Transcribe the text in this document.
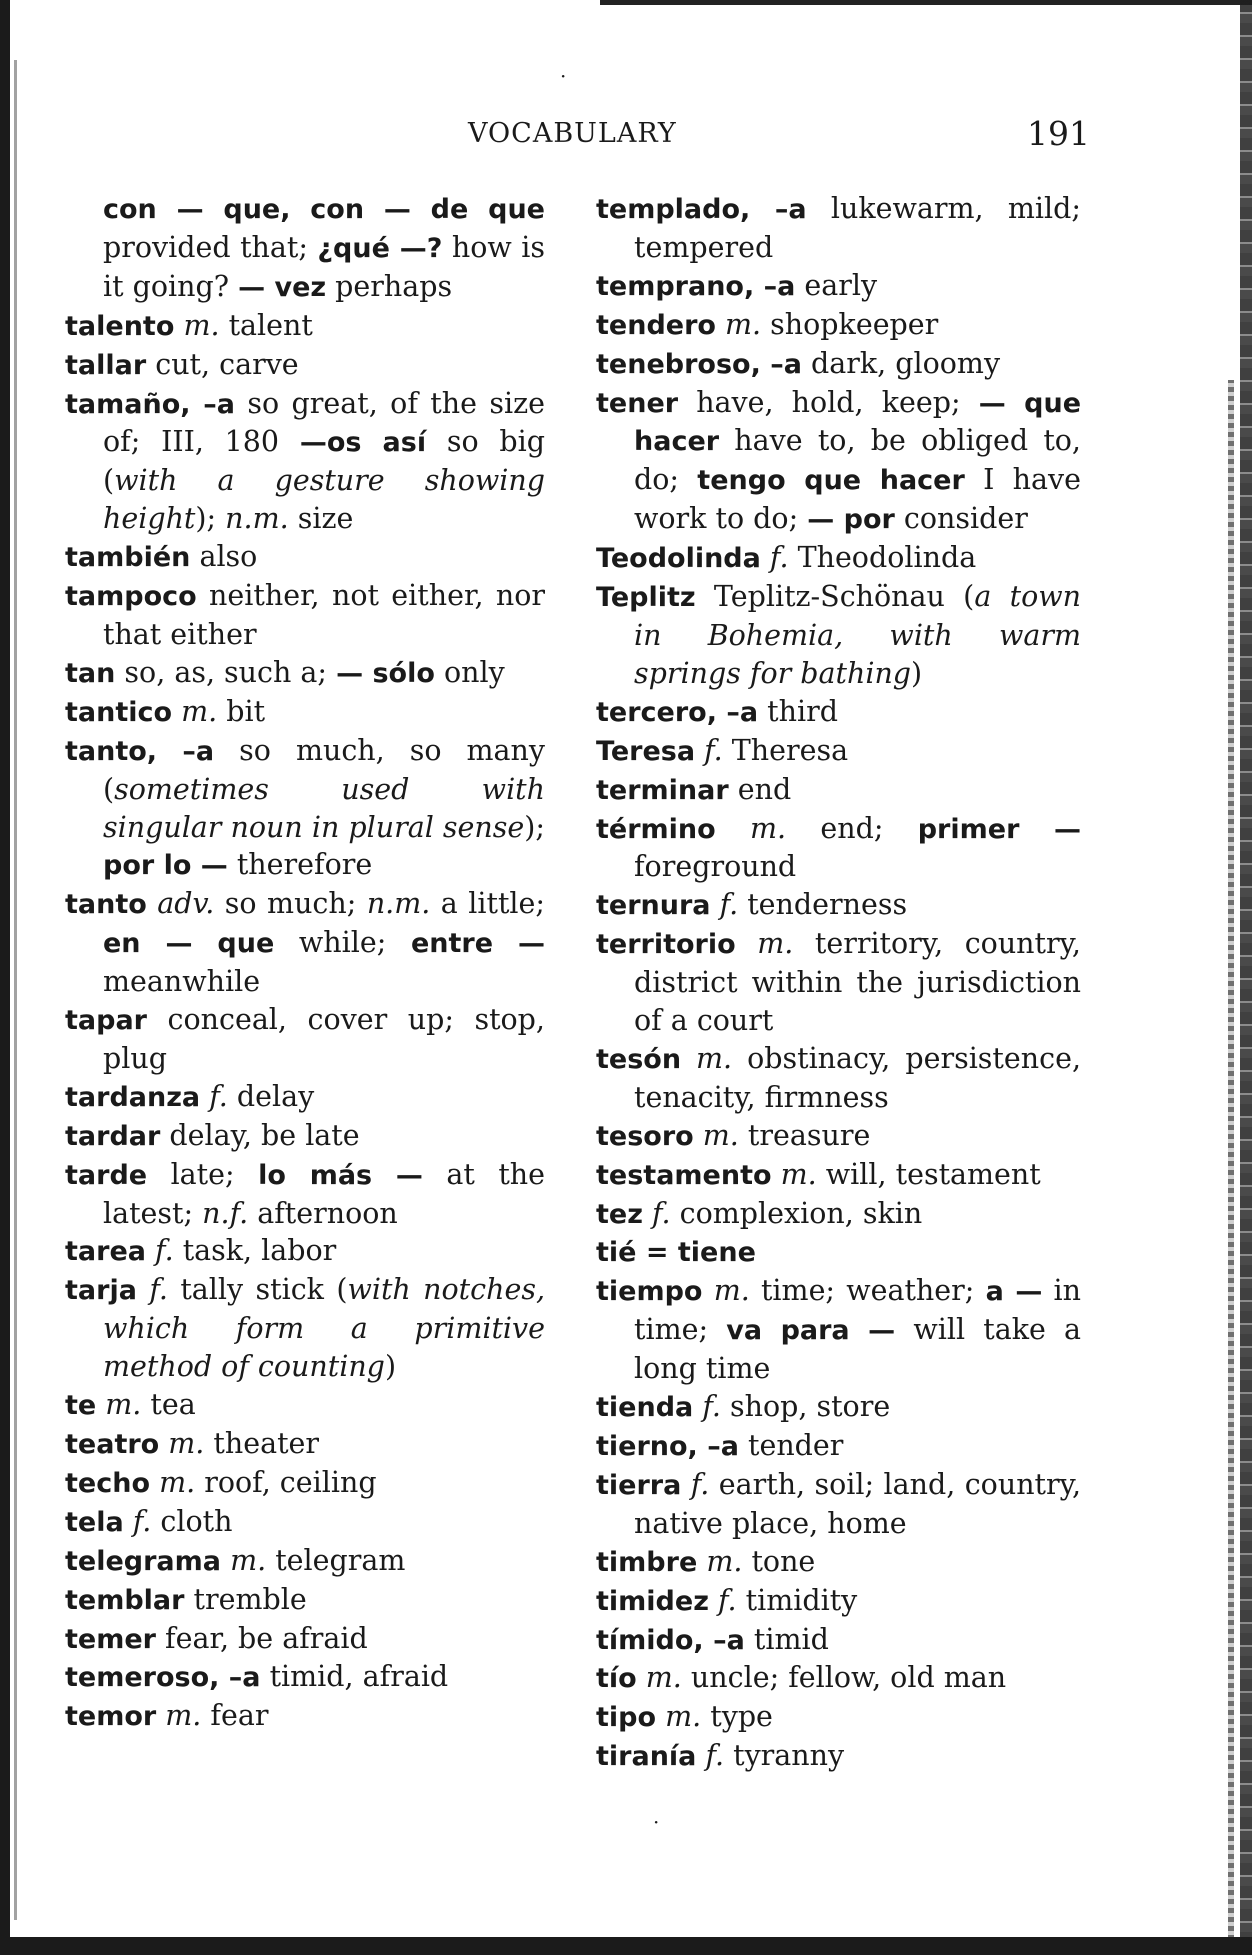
·
·
VOCABULARY	191
con — que, con — de que provided that; ¿qué —? how is it going? — vez perhaps
talento m. talent
tallar cut, carve
tamaño, –a so great, of the size of; III, 180 —os así so big (with a gesture showing height); n.m. size
también also
tampoco neither, not either, nor that either
tan so, as, such a; — sólo only
tantico m. bit
tanto, –a so much, so many (sometimes used with singular noun in plural sense); por lo — therefore
tanto adv. so much; n.m. a little; en — que while; entre — meanwhile
tapar conceal, cover up; stop, plug
tardanza f. delay
tardar delay, be late
tarde late; lo más — at the latest; n.f. afternoon
tarea f. task, labor
tarja f. tally stick (with notches, which form a primitive method of counting)
te m. tea
teatro m. theater
techo m. roof, ceiling
tela f. cloth
telegrama m. telegram
temblar tremble
temer fear, be afraid
temeroso, –a timid, afraid
temor m. fear
templado, –a lukewarm, mild; tempered
temprano, –a early
tendero m. shopkeeper
tenebroso, –a dark, gloomy
tener have, hold, keep; — que hacer have to, be obliged to, do; tengo que hacer I have work to do; — por consider
Teodolinda f. Theodolinda
Teplitz Teplitz-Schönau (a town in Bohemia, with warm springs for bathing)
tercero, –a third
Teresa f. Theresa
terminar end
término m. end; primer — foreground
ternura f. tenderness
territorio m. territory, country, district within the jurisdiction of a court
tesón m. obstinacy, persistence, tenacity, firmness
tesoro m. treasure
testamento m. will, testament
tez f. complexion, skin
tié = tiene
tiempo m. time; weather; a — in time; va para — will take a long time
tienda f. shop, store
tierno, –a tender
tierra f. earth, soil; land, country, native place, home
timbre m. tone
timidez f. timidity
tímido, –a timid
tío m. uncle; fellow, old man
tipo m. type
tiranía f. tyranny
